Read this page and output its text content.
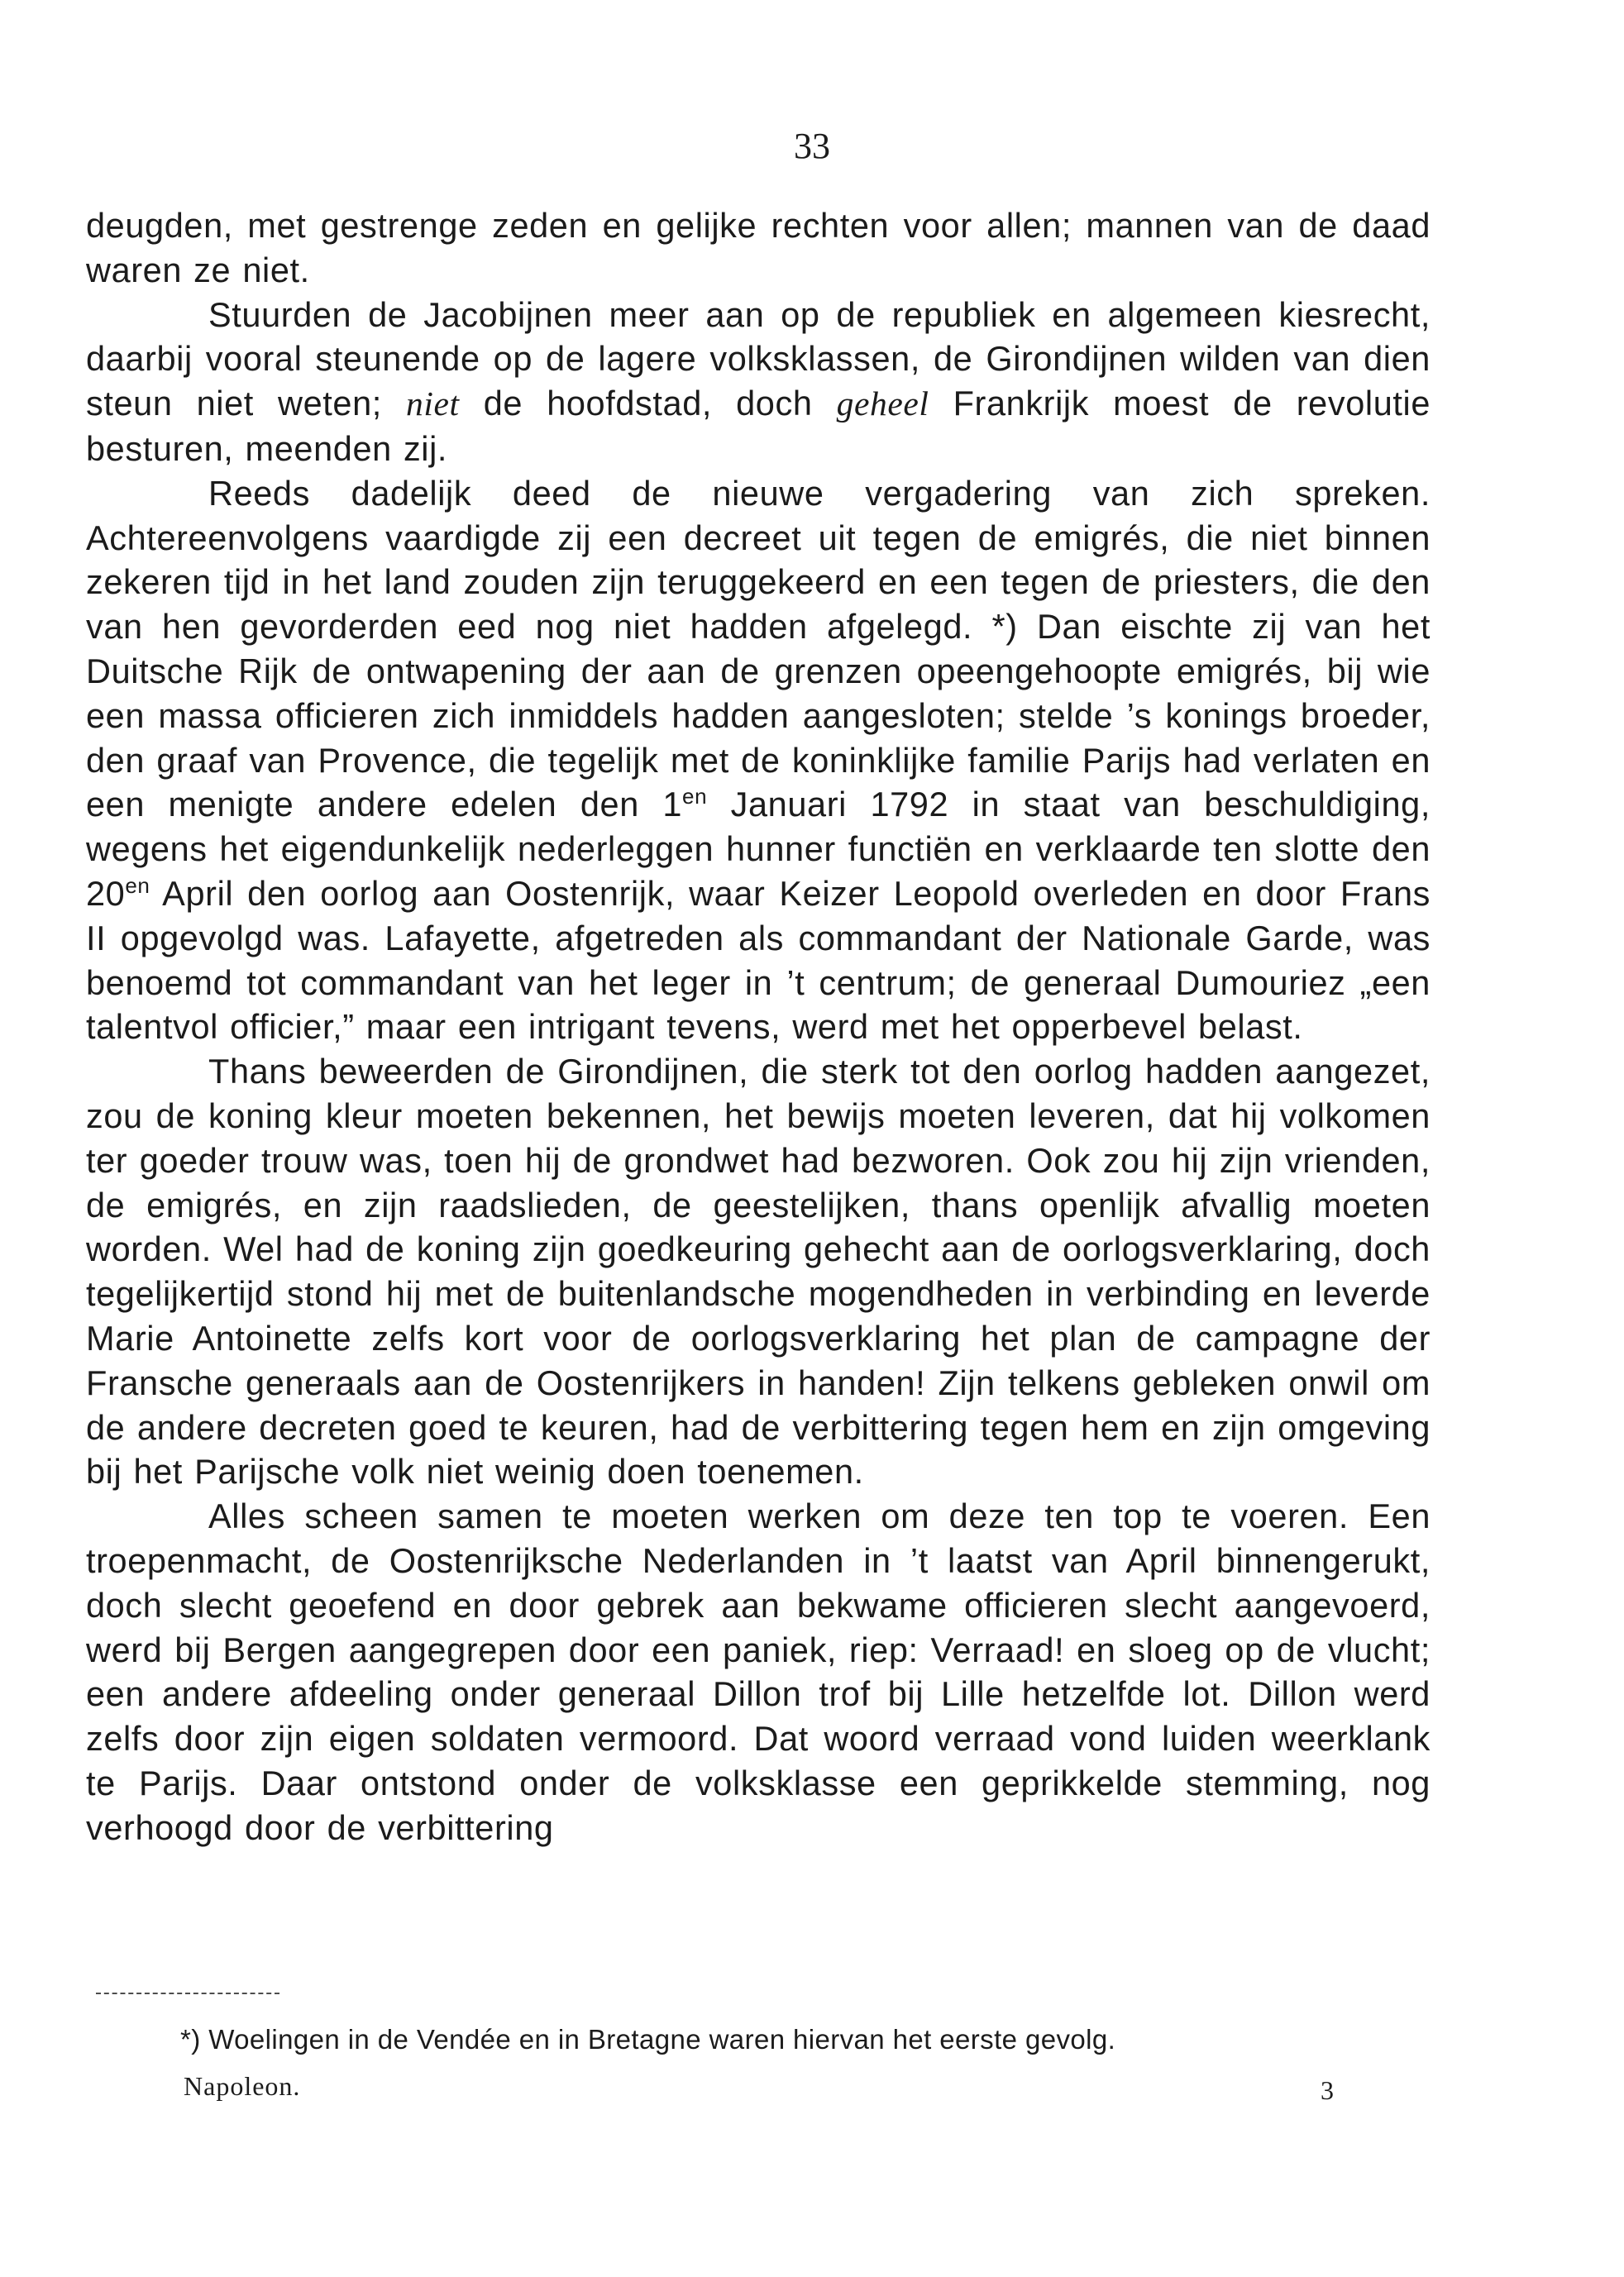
33

deugden, met gestrenge zeden en gelijke rechten voor allen; mannen van de daad waren ze niet.

Stuurden de Jacobijnen meer aan op de republiek en algemeen kiesrecht, daarbij vooral steunende op de lagere volksklassen, de Girondijnen wilden van dien steun niet weten; niet de hoofdstad, doch geheel Frankrijk moest de revolutie besturen, meenden zij.

Reeds dadelijk deed de nieuwe vergadering van zich spreken. Achtereenvolgens vaardigde zij een decreet uit tegen de emigrés, die niet binnen zekeren tijd in het land zouden zijn teruggekeerd en een tegen de priesters, die den van hen gevorderden eed nog niet hadden afgelegd. *) Dan eischte zij van het Duitsche Rijk de ontwapening der aan de grenzen opeengehoopte emigrés, bij wie een massa officieren zich inmiddels hadden aangesloten; stelde ’s konings broeder, den graaf van Provence, die tegelijk met de koninklijke familie Parijs had verlaten en een menigte andere edelen den $1^{en}$ Januari 1792 in staat van beschuldiging, wegens het eigendunkelijk nederleggen hunner functiën en verklaarde ten slotte den $20^{en}$ April den oorlog aan Oostenrijk, waar Keizer Leopold overleden en door Frans II opgevolgd was. Lafayette, afgetreden als commandant der Nationale Garde, was benoemd tot commandant van het leger in ’t centrum; de generaal Dumouriez „een talentvol officier,” maar een intrigant tevens, werd met het opperbevel belast.

Thans beweerden de Girondijnen, die sterk tot den oorlog hadden aangezet, zou de koning kleur moeten bekennen, het bewijs moeten leveren, dat hij volkomen ter goeder trouw was, toen hij de grondwet had bezworen. Ook zou hij zijn vrienden, de emigrés, en zijn raadslieden, de geestelijken, thans openlijk afvallig moeten worden. Wel had de koning zijn goedkeuring gehecht aan de oorlogsverklaring, doch tegelijkertijd stond hij met de buitenlandsche mogendheden in verbinding en leverde Marie Antoinette zelfs kort voor de oorlogsverklaring het plan de campagne der Fransche generaals aan de Oostenrijkers in handen! Zijn telkens gebleken onwil om de andere decreten goed te keuren, had de verbittering tegen hem en zijn omgeving bij het Parijsche volk niet weinig doen toenemen.

Alles scheen samen te moeten werken om deze ten top te voeren. Een troepenmacht, de Oostenrijksche Nederlanden in ’t laatst van April binnengerukt, doch slecht geoefend en door gebrek aan bekwame officieren slecht aangevoerd, werd bij Bergen aangegrepen door een paniek, riep: Verraad! en sloeg op de vlucht; een andere afdeeling onder generaal Dillon trof bij Lille hetzelfde lot. Dillon werd zelfs door zijn eigen soldaten vermoord. Dat woord verraad vond luiden weerklank te Parijs. Daar ontstond onder de volksklasse een geprikkelde stemming, nog verhoogd door de verbittering

*) Woelingen in de Vendée en in Bretagne waren hiervan het eerste gevolg.

Napoleon.	3
